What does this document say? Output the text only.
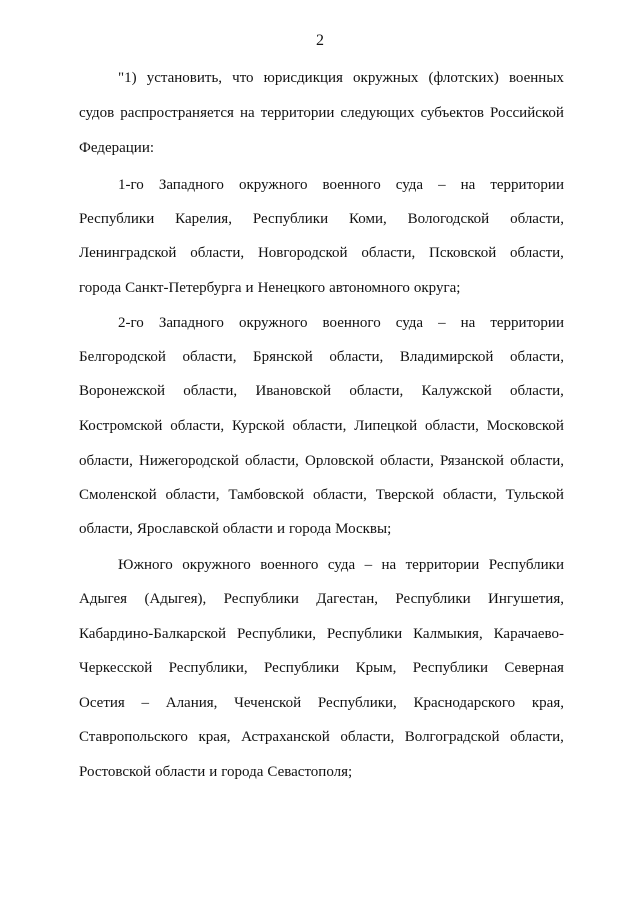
2
"1) установить, что юрисдикция окружных (флотских) военных
судов распространяется на территории следующих субъектов Российской
Федерации:
1-го Западного окружного военного суда – на территории
Республики Карелия, Республики Коми, Вологодской области,
Ленинградской области, Новгородской области, Псковской области,
города Санкт-Петербурга и Ненецкого автономного округа;
2-го Западного окружного военного суда – на территории
Белгородской области, Брянской области, Владимирской области,
Воронежской области, Ивановской области, Калужской области,
Костромской области, Курской области, Липецкой области, Московской
области, Нижегородской области, Орловской области, Рязанской области,
Смоленской области, Тамбовской области, Тверской области, Тульской
области, Ярославской области и города Москвы;
Южного окружного военного суда – на территории Республики
Адыгея (Адыгея), Республики Дагестан, Республики Ингушетия,
Кабардино-Балкарской Республики, Республики Калмыкия, Карачаево-
Черкесской Республики, Республики Крым, Республики Северная
Осетия – Алания, Чеченской Республики, Краснодарского края,
Ставропольского края, Астраханской области, Волгоградской области,
Ростовской области и города Севастополя;
